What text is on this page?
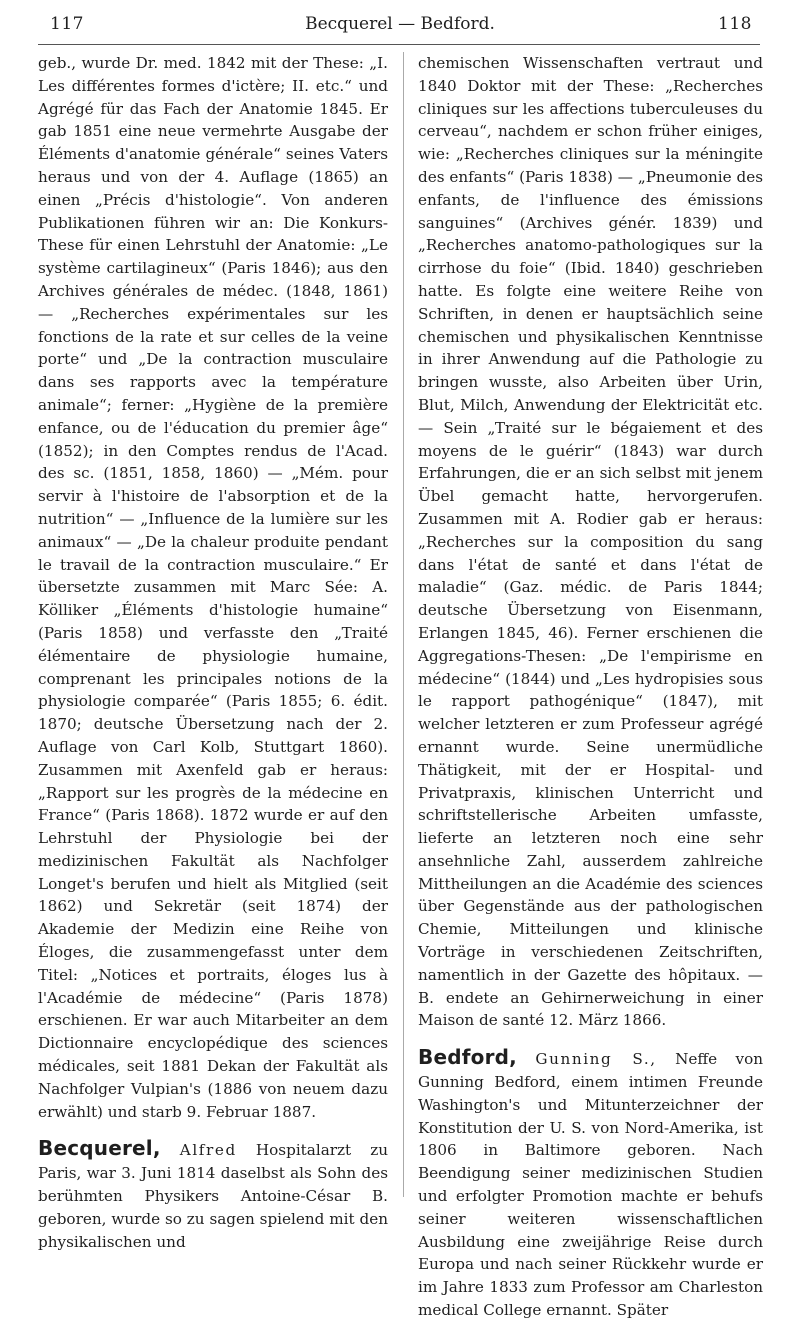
117	Becquerel — Bedford.	118

geb., wurde Dr. med. 1842 mit der These: „I. Les différentes formes d'ictère; II. etc.“ und Agrégé für das Fach der Anatomie 1845. Er gab 1851 eine neue vermehrte Ausgabe der Éléments d'anatomie générale“ seines Vaters heraus und von der 4. Auflage (1865) an einen „Précis d'histologie“. Von anderen Publikationen führen wir an: Die Konkurs-These für einen Lehrstuhl der Anatomie: „Le système cartilagineux“ (Paris 1846); aus den Archives générales de médec. (1848, 1861) — „Recherches expérimentales sur les fonctions de la rate et sur celles de la veine porte“ und „De la contraction musculaire dans ses rapports avec la température animale“; ferner: „Hygiène de la première enfance, ou de l'éducation du premier âge“ (1852); in den Comptes rendus de l'Acad. des sc. (1851, 1858, 1860) — „Mém. pour servir à l'histoire de l'absorption et de la nutrition“ — „Influence de la lumière sur les animaux“ — „De la chaleur produite pendant le travail de la contraction musculaire.“ Er übersetzte zusammen mit Marc Sée: A. Kölliker „Éléments d'histologie humaine“ (Paris 1858) und verfasste den „Traité élémentaire de physiologie humaine, comprenant les principales notions de la physiologie comparée“ (Paris 1855; 6. édit. 1870; deutsche Übersetzung nach der 2. Auflage von Carl Kolb, Stuttgart 1860). Zusammen mit Axenfeld gab er heraus: „Rapport sur les progrès de la médecine en France“ (Paris 1868). 1872 wurde er auf den Lehrstuhl der Physiologie bei der medizinischen Fakultät als Nachfolger Longet's berufen und hielt als Mitglied (seit 1862) und Sekretär (seit 1874) der Akademie der Medizin eine Reihe von Éloges, die zusammengefasst unter dem Titel: „Notices et portraits, éloges lus à l'Académie de médecine“ (Paris 1878) erschienen. Er war auch Mitarbeiter an dem Dictionnaire encyclopédique des sciences médicales, seit 1881 Dekan der Fakultät als Nachfolger Vulpian's (1886 von neuem dazu erwählt) und starb 9. Februar 1887.

Becquerel, Alfred Hospitalarzt zu Paris, war 3. Juni 1814 daselbst als Sohn des berühmten Physikers Antoine-César B. geboren, wurde so zu sagen spielend mit den physikalischen und

chemischen Wissenschaften vertraut und 1840 Doktor mit der These: „Recherches cliniques sur les affections tuberculeuses du cerveau“, nachdem er schon früher einiges, wie: „Recherches cliniques sur la méningite des enfants“ (Paris 1838) — „Pneumonie des enfants, de l'influence des émissions sanguines“ (Archives génér. 1839) und „Recherches anatomo-pathologiques sur la cirrhose du foie“ (Ibid. 1840) geschrieben hatte. Es folgte eine weitere Reihe von Schriften, in denen er hauptsächlich seine chemischen und physikalischen Kenntnisse in ihrer Anwendung auf die Pathologie zu bringen wusste, also Arbeiten über Urin, Blut, Milch, Anwendung der Elektricität etc. — Sein „Traité sur le bégaiement et des moyens de le guérir“ (1843) war durch Erfahrungen, die er an sich selbst mit jenem Übel gemacht hatte, hervorgerufen. Zusammen mit A. Rodier gab er heraus: „Recherches sur la composition du sang dans l'état de santé et dans l'état de maladie“ (Gaz. médic. de Paris 1844; deutsche Übersetzung von Eisenmann, Erlangen 1845, 46). Ferner erschienen die Aggregations-Thesen: „De l'empirisme en médecine“ (1844) und „Les hydropisies sous le rapport pathogénique“ (1847), mit welcher letzteren er zum Professeur agrégé ernannt wurde. Seine unermüdliche Thätigkeit, mit der er Hospital- und Privatpraxis, klinischen Unterricht und schriftstellerische Arbeiten umfasste, lieferte an letzteren noch eine sehr ansehnliche Zahl, ausserdem zahlreiche Mittheilungen an die Académie des sciences über Gegenstände aus der pathologischen Chemie, Mitteilungen und klinische Vorträge in verschiedenen Zeitschriften, namentlich in der Gazette des hôpitaux. — B. endete an Gehirnerweichung in einer Maison de santé 12. März 1866.

Bedford, Gunning S., Neffe von Gunning Bedford, einem intimen Freunde Washington's und Mitunterzeichner der Konstitution der U. S. von Nord-Amerika, ist 1806 in Baltimore geboren. Nach Beendigung seiner medizinischen Studien und erfolgter Promotion machte er behufs seiner weiteren wissenschaftlichen Ausbildung eine zweijährige Reise durch Europa und nach seiner Rückkehr wurde er im Jahre 1833 zum Professor am Charleston medical College ernannt. Später
